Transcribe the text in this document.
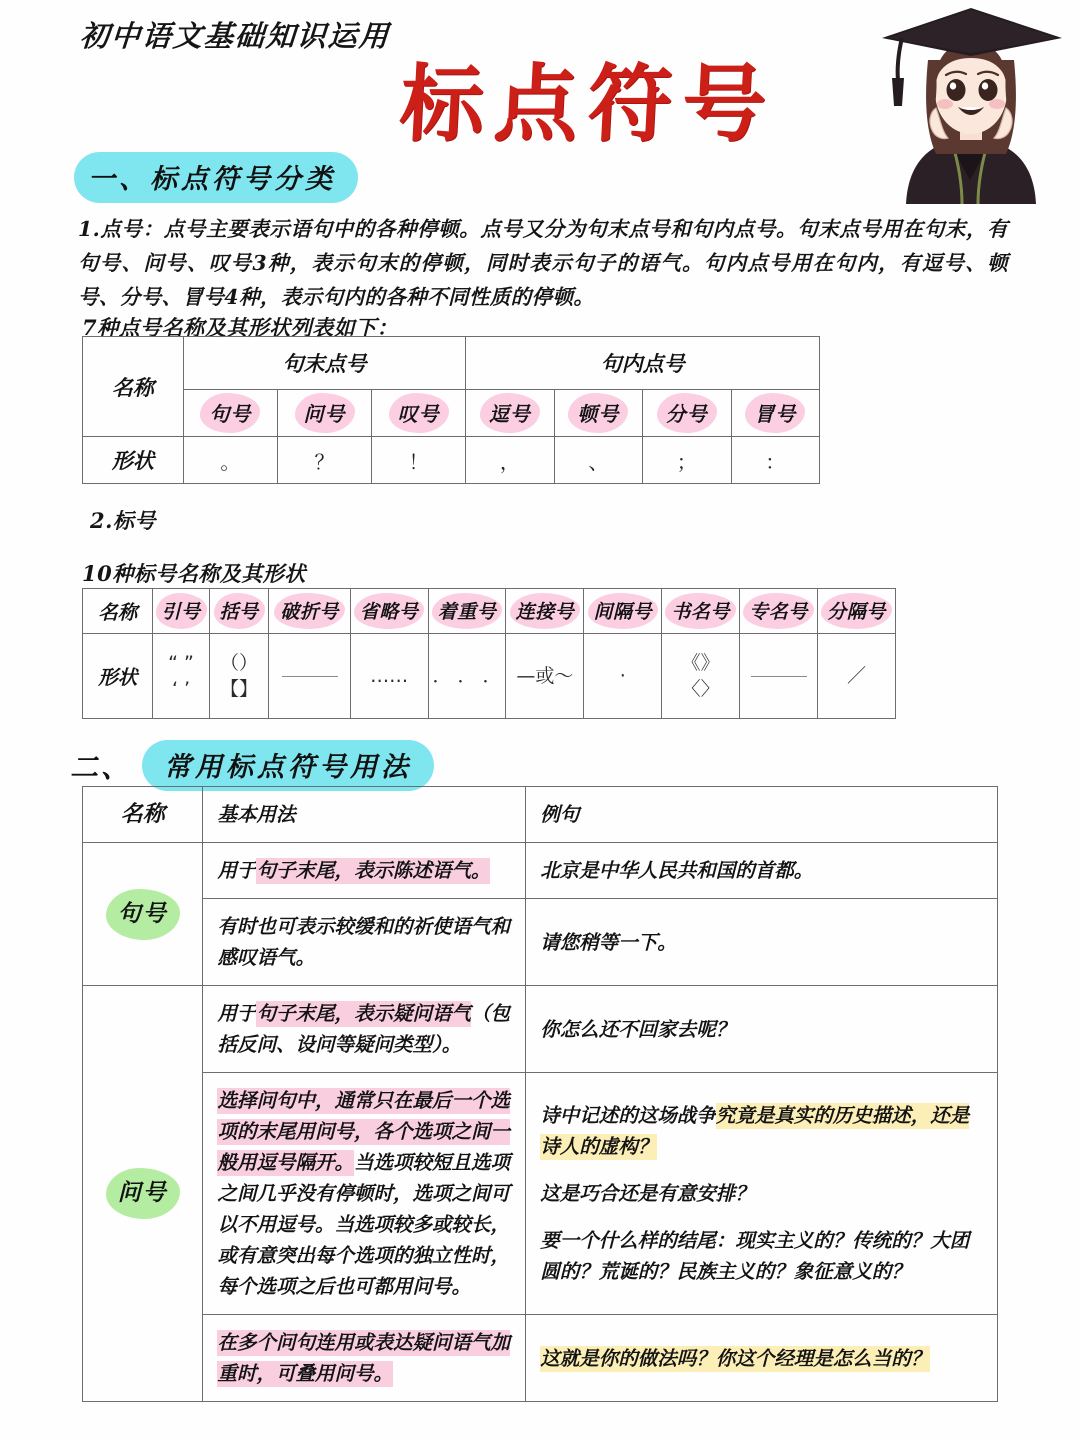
初中语文基础知识运用
标点符号
一、标点符号分类
1.点号：点号主要表示语句中的各种停顿。点号又分为句末点号和句内点号。句末点号用在句末，有句号、问号、叹号3种，表示句末的停顿，同时表示句子的语气。句内点号用在句内，有逗号、顿号、分号、冒号4种，表示句内的各种不同性质的停顿。
7种点号名称及其形状列表如下：
名称	句末点号			句内点号			
	句号	问号	叹号	逗号	顿号	分号	冒号
形状	。	？	！	，	、	；	：
2.标号
10种标号名称及其形状
名称	引号	括号	破折号	省略号	着重号	连接号	间隔号	书名号	专名号	分隔号
形状	“ ”
‘ ’	（）
【】		……	． ． ．	—或～	·	《》
〈〉		／
二、	常用标点符号用法
名称	基本用法	例句
句号	用于句子末尾，表示陈述语气。	北京是中华人民共和国的首都。

	有时也可表示较缓和的祈使语气和感叹语气。	请您稍等一下。

问号	用于句子末尾，表示疑问语气（包括反问、设问等疑问类型）。	你怎么还不回家去呢？

	选择问句中，通常只在最后一个选项的末尾用问号，各个选项之间一般用逗号隔开。当选项较短且选项之间几乎没有停顿时，选项之间可以不用逗号。当选项较多或较长，或有意突出每个选项的独立性时，每个选项之后也可都用问号。	诗中记述的这场战争究竟是真实的历史描述，还是诗人的虚构？
这是巧合还是有意安排？
要一个什么样的结尾：现实主义的？传统的？大团圆的？荒诞的？民族主义的？象征意义的？

	在多个问句连用或表达疑问语气加重时，可叠用问号。	这就是你的做法吗？你这个经理是怎么当的？
